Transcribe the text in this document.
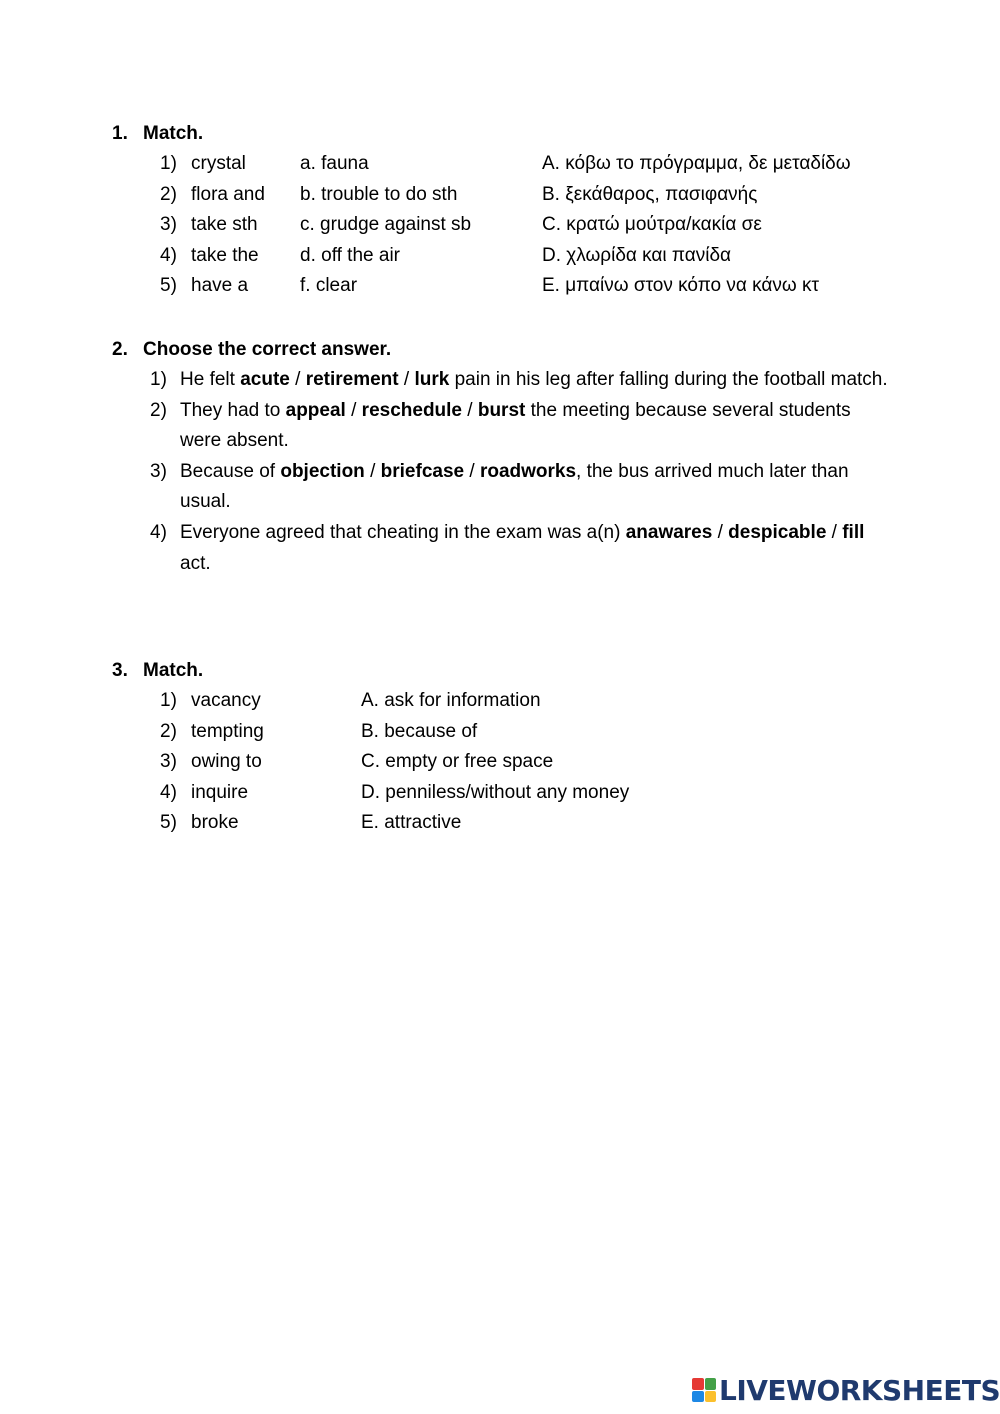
1. Match.
1) crystal	a. fauna	A. κόβω το πρόγραμμα, δε μεταδίδω
2) flora and b. trouble to do sth	B. ξεκάθαρος, πασιφανής
3) take sth c. grudge against sb	C. κρατώ μούτρα/κακία σε
4) take the d. off the air	D. χλωρίδα και πανίδα
5) have a	f. clear	E. μπαίνω στον κόπο να κάνω κτ
2. Choose the correct answer.
1) He felt acute / retirement / lurk pain in his leg after falling during the football match.
2) They had to appeal / reschedule / burst the meeting because several students were absent.
3) Because of objection / briefcase / roadworks, the bus arrived much later than usual.
4) Everyone agreed that cheating in the exam was a(n) anawares / despicable / fill act.
3. Match.
1) vacancy	A. ask for information
2) tempting	B. because of
3) owing to	C. empty or free space
4) inquire	D. penniless/without any money
5) broke	E. attractive
LIVEWORKSHEETS
